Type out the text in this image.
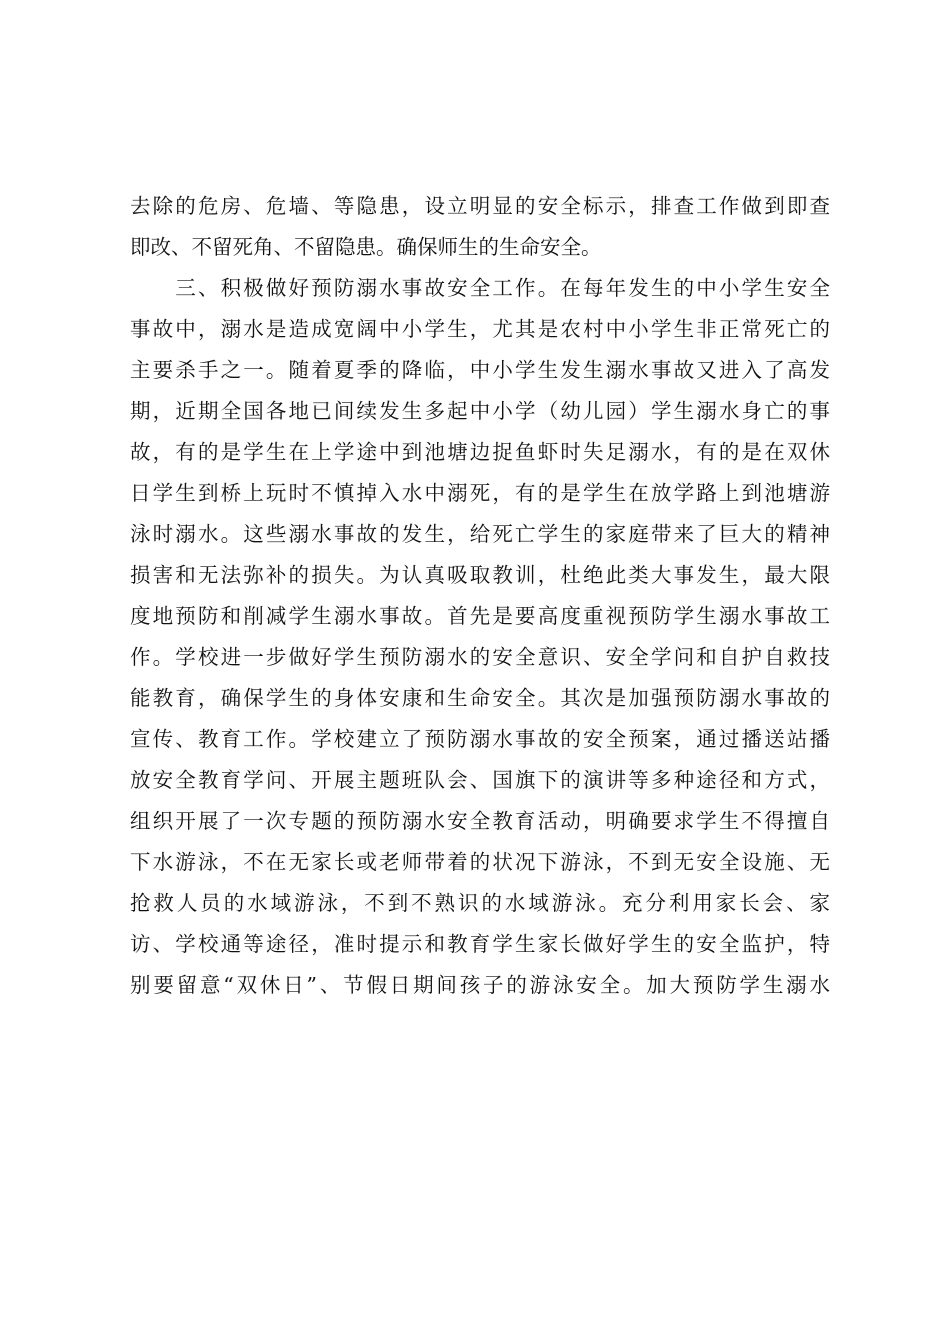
去除的危房、危墙、等隐患，设立明显的安全标示，排查工作做到即查
即改、不留死角、不留隐患。确保师生的生命安全。
　　三、积极做好预防溺水事故安全工作。在每年发生的中小学生安全
事故中，溺水是造成宽阔中小学生，尤其是农村中小学生非正常死亡的
主要杀手之一。随着夏季的降临，中小学生发生溺水事故又进入了高发
期，近期全国各地已间续发生多起中小学（幼儿园）学生溺水身亡的事
故，有的是学生在上学途中到池塘边捉鱼虾时失足溺水，有的是在双休
日学生到桥上玩时不慎掉入水中溺死，有的是学生在放学路上到池塘游
泳时溺水。这些溺水事故的发生，给死亡学生的家庭带来了巨大的精神
损害和无法弥补的损失。为认真吸取教训，杜绝此类大事发生，最大限
度地预防和削减学生溺水事故。首先是要高度重视预防学生溺水事故工
作。学校进一步做好学生预防溺水的安全意识、安全学问和自护自救技
能教育，确保学生的身体安康和生命安全。其次是加强预防溺水事故的
宣传、教育工作。学校建立了预防溺水事故的安全预案，通过播送站播
放安全教育学问、开展主题班队会、国旗下的演讲等多种途径和方式，
组织开展了一次专题的预防溺水安全教育活动，明确要求学生不得擅自
下水游泳，不在无家长或老师带着的状况下游泳，不到无安全设施、无
抢救人员的水域游泳，不到不熟识的水域游泳。充分利用家长会、家
访、学校通等途径，准时提示和教育学生家长做好学生的安全监护，特
别要留意“双休日”、节假日期间孩子的游泳安全。加大预防学生溺水
